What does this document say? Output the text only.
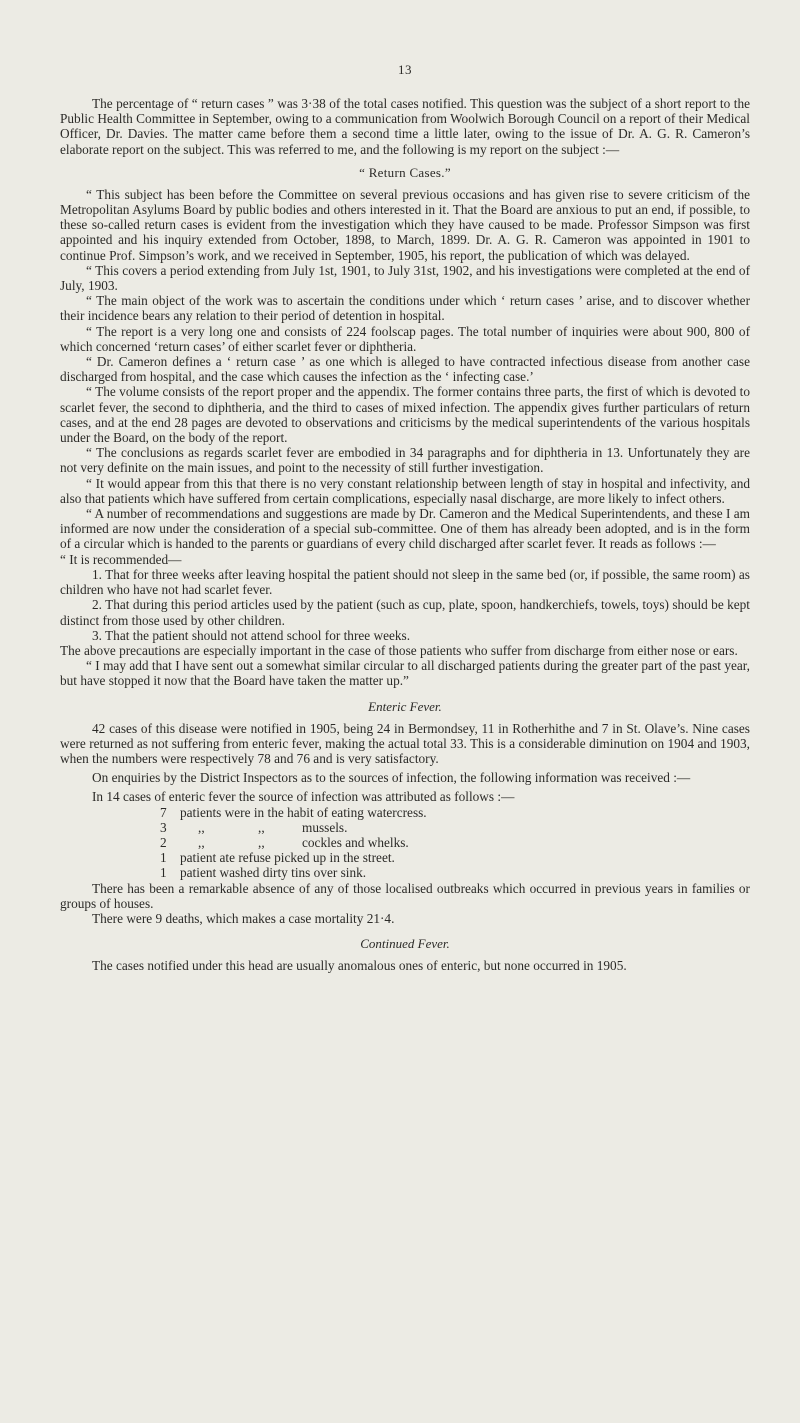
13

The percentage of “ return cases ” was 3·38 of the total cases notified. This question was the subject of a short report to the Public Health Committee in September, owing to a communication from Woolwich Borough Council on a report of their Medical Officer, Dr. Davies. The matter came before them a second time a little later, owing to the issue of Dr. A. G. R. Cameron’s elaborate report on the subject. This was referred to me, and the following is my report on the subject :—

“ Return Cases.”

“ This subject has been before the Committee on several previous occasions and has given rise to severe criticism of the Metropolitan Asylums Board by public bodies and others interested in it. That the Board are anxious to put an end, if possible, to these so-called return cases is evident from the investigation which they have caused to be made. Professor Simpson was first appointed and his inquiry extended from October, 1898, to March, 1899. Dr. A. G. R. Cameron was appointed in 1901 to continue Prof. Simpson’s work, and we received in September, 1905, his report, the publication of which was delayed.

“ This covers a period extending from July 1st, 1901, to July 31st, 1902, and his investigations were completed at the end of July, 1903.

“ The main object of the work was to ascertain the conditions under which ‘ return cases ’ arise, and to discover whether their incidence bears any relation to their period of detention in hospital.

“ The report is a very long one and consists of 224 foolscap pages. The total number of inquiries were about 900, 800 of which concerned ‘return cases’ of either scarlet fever or diphtheria.

“ Dr. Cameron defines a ‘ return case ’ as one which is alleged to have contracted infectious disease from another case discharged from hospital, and the case which causes the infection as the ‘ infecting case.’

“ The volume consists of the report proper and the appendix. The former contains three parts, the first of which is devoted to scarlet fever, the second to diphtheria, and the third to cases of mixed infection. The appendix gives further particulars of return cases, and at the end 28 pages are devoted to observations and criticisms by the medical superintendents of the various hospitals under the Board, on the body of the report.

“ The conclusions as regards scarlet fever are embodied in 34 paragraphs and for diphtheria in 13. Unfortunately they are not very definite on the main issues, and point to the necessity of still further investigation.

“ It would appear from this that there is no very constant relationship between length of stay in hospital and infectivity, and also that patients which have suffered from certain complications, especially nasal discharge, are more likely to infect others.

“ A number of recommendations and suggestions are made by Dr. Cameron and the Medical Superintendents, and these I am informed are now under the consideration of a special sub-committee. One of them has already been adopted, and is in the form of a circular which is handed to the parents or guardians of every child discharged after scarlet fever. It reads as follows :—

“ It is recommended—

1. That for three weeks after leaving hospital the patient should not sleep in the same bed (or, if possible, the same room) as children who have not had scarlet fever.

2. That during this period articles used by the patient (such as cup, plate, spoon, handkerchiefs, towels, toys) should be kept distinct from those used by other children.

3. That the patient should not attend school for three weeks.

The above precautions are especially important in the case of those patients who suffer from discharge from either nose or ears.

“ I may add that I have sent out a somewhat similar circular to all discharged patients during the greater part of the past year, but have stopped it now that the Board have taken the matter up.”

Enteric Fever.

42 cases of this disease were notified in 1905, being 24 in Bermondsey, 11 in Rotherhithe and 7 in St. Olave’s. Nine cases were returned as not suffering from enteric fever, making the actual total 33. This is a considerable diminution on 1904 and 1903, when the numbers were respectively 78 and 76 and is very satisfactory.

On enquiries by the District Inspectors as to the sources of infection, the following information was received :—

In 14 cases of enteric fever the source of infection was attributed as follows :—

7	patients were in the habit of eating watercress.
3	,,	,,	mussels.
2	,,	,,	cockles and whelks.
1	patient ate refuse picked up in the street.
1	patient washed dirty tins over sink.

There has been a remarkable absence of any of those localised outbreaks which occurred in previous years in families or groups of houses.

There were 9 deaths, which makes a case mortality 21·4.

Continued Fever.

The cases notified under this head are usually anomalous ones of enteric, but none occurred in 1905.
